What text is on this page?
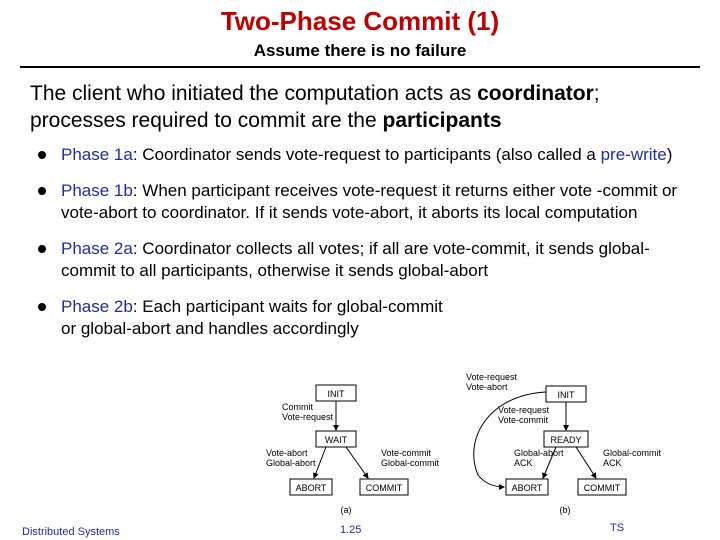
Two-Phase Commit (1)
Assume there is no failure
The client who initiated the computation acts as coordinator; processes required to commit are the participants
Phase 1a: Coordinator sends vote-request to participants (also called a pre-write)
Phase 1b: When participant receives vote-request it returns either vote -commit or vote-abort to coordinator. If it sends vote-abort, it aborts its local computation
Phase 2a: Coordinator collects all votes; if all are vote-commit, it sends global-commit to all participants, otherwise it sends global-abort
Phase 2b: Each participant waits for global-commit or global-abort and handles accordingly
INIT
Commit
Vote-request
WAIT
Vote-abort
Global-abort
Vote-commit
Global-commit
ABORT	COMMIT
(a)
Vote-request
Vote-abort
INIT
Vote-request
Vote-commit
READY
Global-abort
ACK
Global-commit
ACK
ABORT	COMMIT
(b)
Distributed Systems	1.25	TS
